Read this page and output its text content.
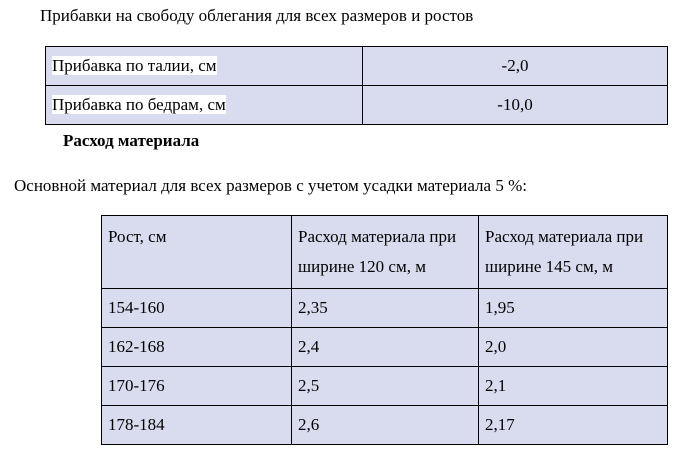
Прибавки на свободу облегания для всех размеров и ростов
Прибавка по талии, см	-2,0
Прибавка по бедрам, см	-10,0
Расход материала
Основной материал для всех размеров с учетом усадки материала 5 %:
Рост, см	Расход материала при ширине 120 см, м	Расход материала при ширине 145 см, м
154-160	2,35	1,95
162-168	2,4	2,0
170-176	2,5	2,1
178-184	2,6	2,17
